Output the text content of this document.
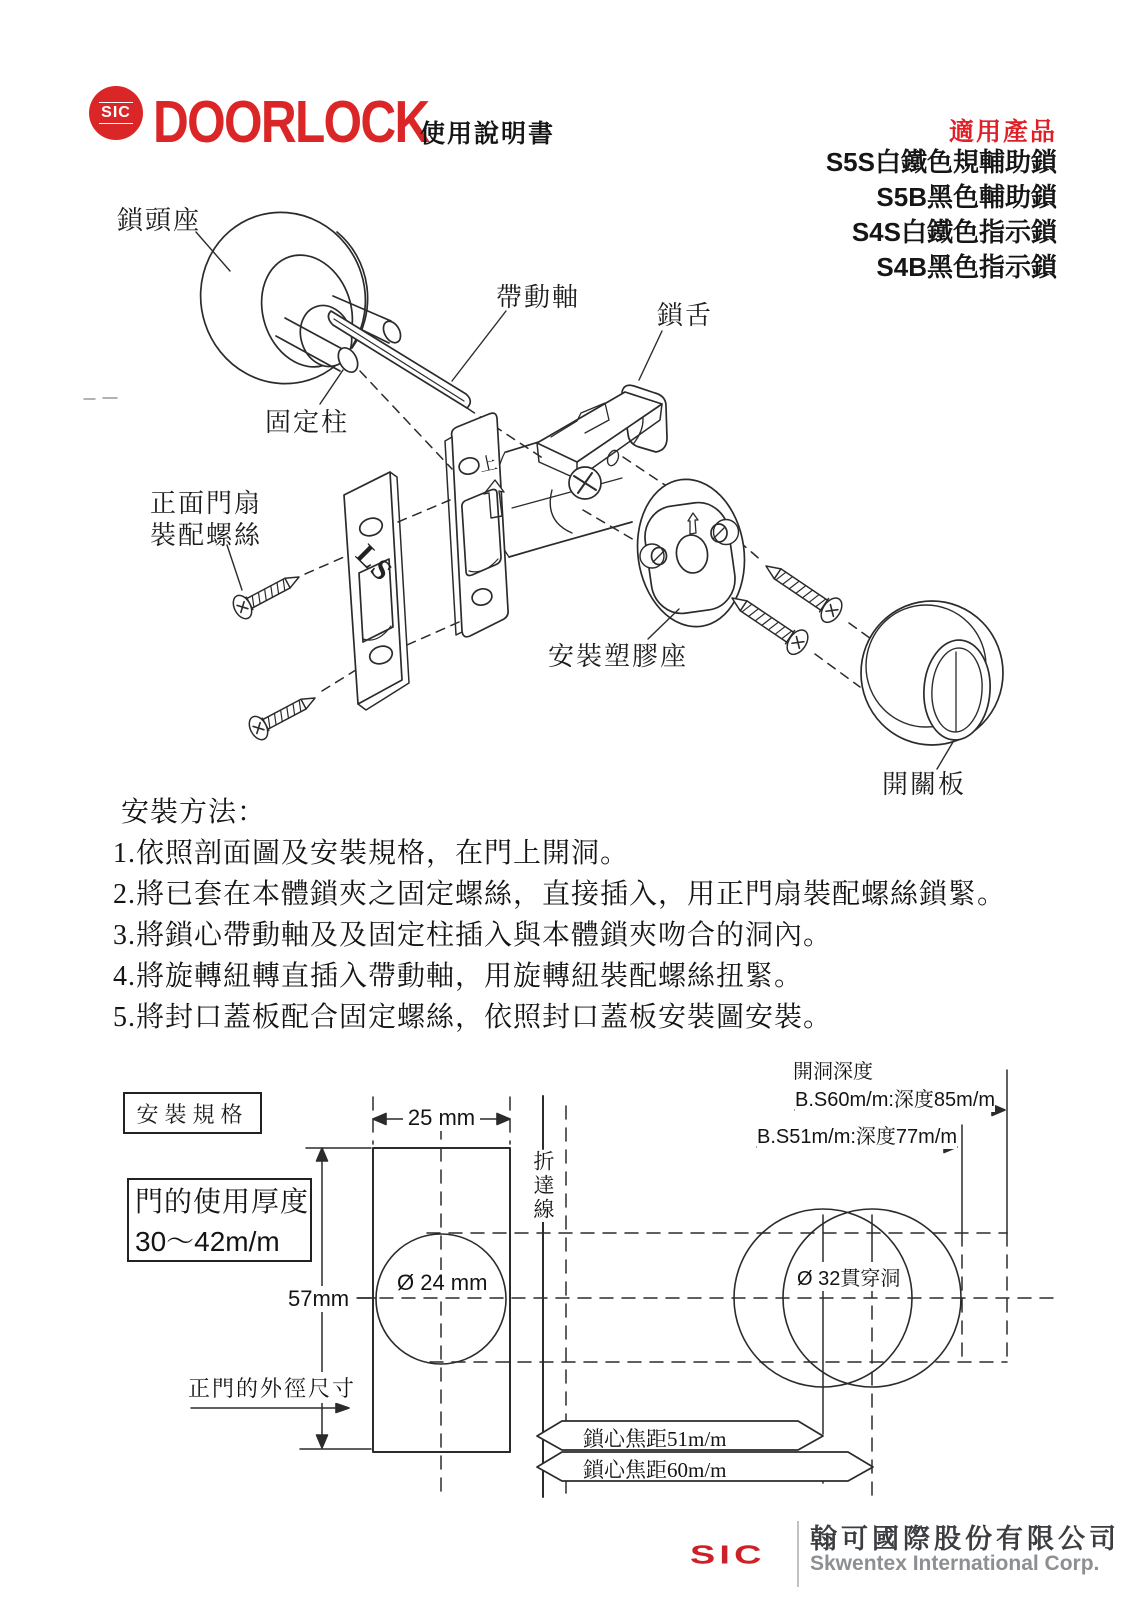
SIC DOORLOCK
使用說明書	適用產品
S5S白鐵色規輔助鎖
S5B黑色輔助鎖
S4S白鐵色指示鎖
S4B黑色指示鎖
鎖頭座
帶動軸
鎖舌
固定柱
正面門扇
裝配螺絲
安裝塑膠座
開關板
LS
上
安裝方法：
1.依照剖面圖及安裝規格，在門上開洞。
2.將已套在本體鎖夾之固定螺絲，直接插入，用正門扇裝配螺絲鎖緊。
3.將鎖心帶動軸及及固定柱插入與本體鎖夾吻合的洞內。
4.將旋轉紐轉直插入帶動軸，用旋轉紐裝配螺絲扭緊。
5.將封口蓋板配合固定螺絲，依照封口蓋板安裝圖安裝。
安裝規格
門的使用厚度
30～42m/m
25 mm
57mm
Ø 24 mm
折達線
開洞深度
B.S60m/m:深度85m/m
B.S51m/m:深度77m/m
Ø 32貫穿洞
正門的外徑尺寸
鎖心焦距51m/m
鎖心焦距60m/m
SIC
翰可國際股份有限公司
Skwentex International Corp.
